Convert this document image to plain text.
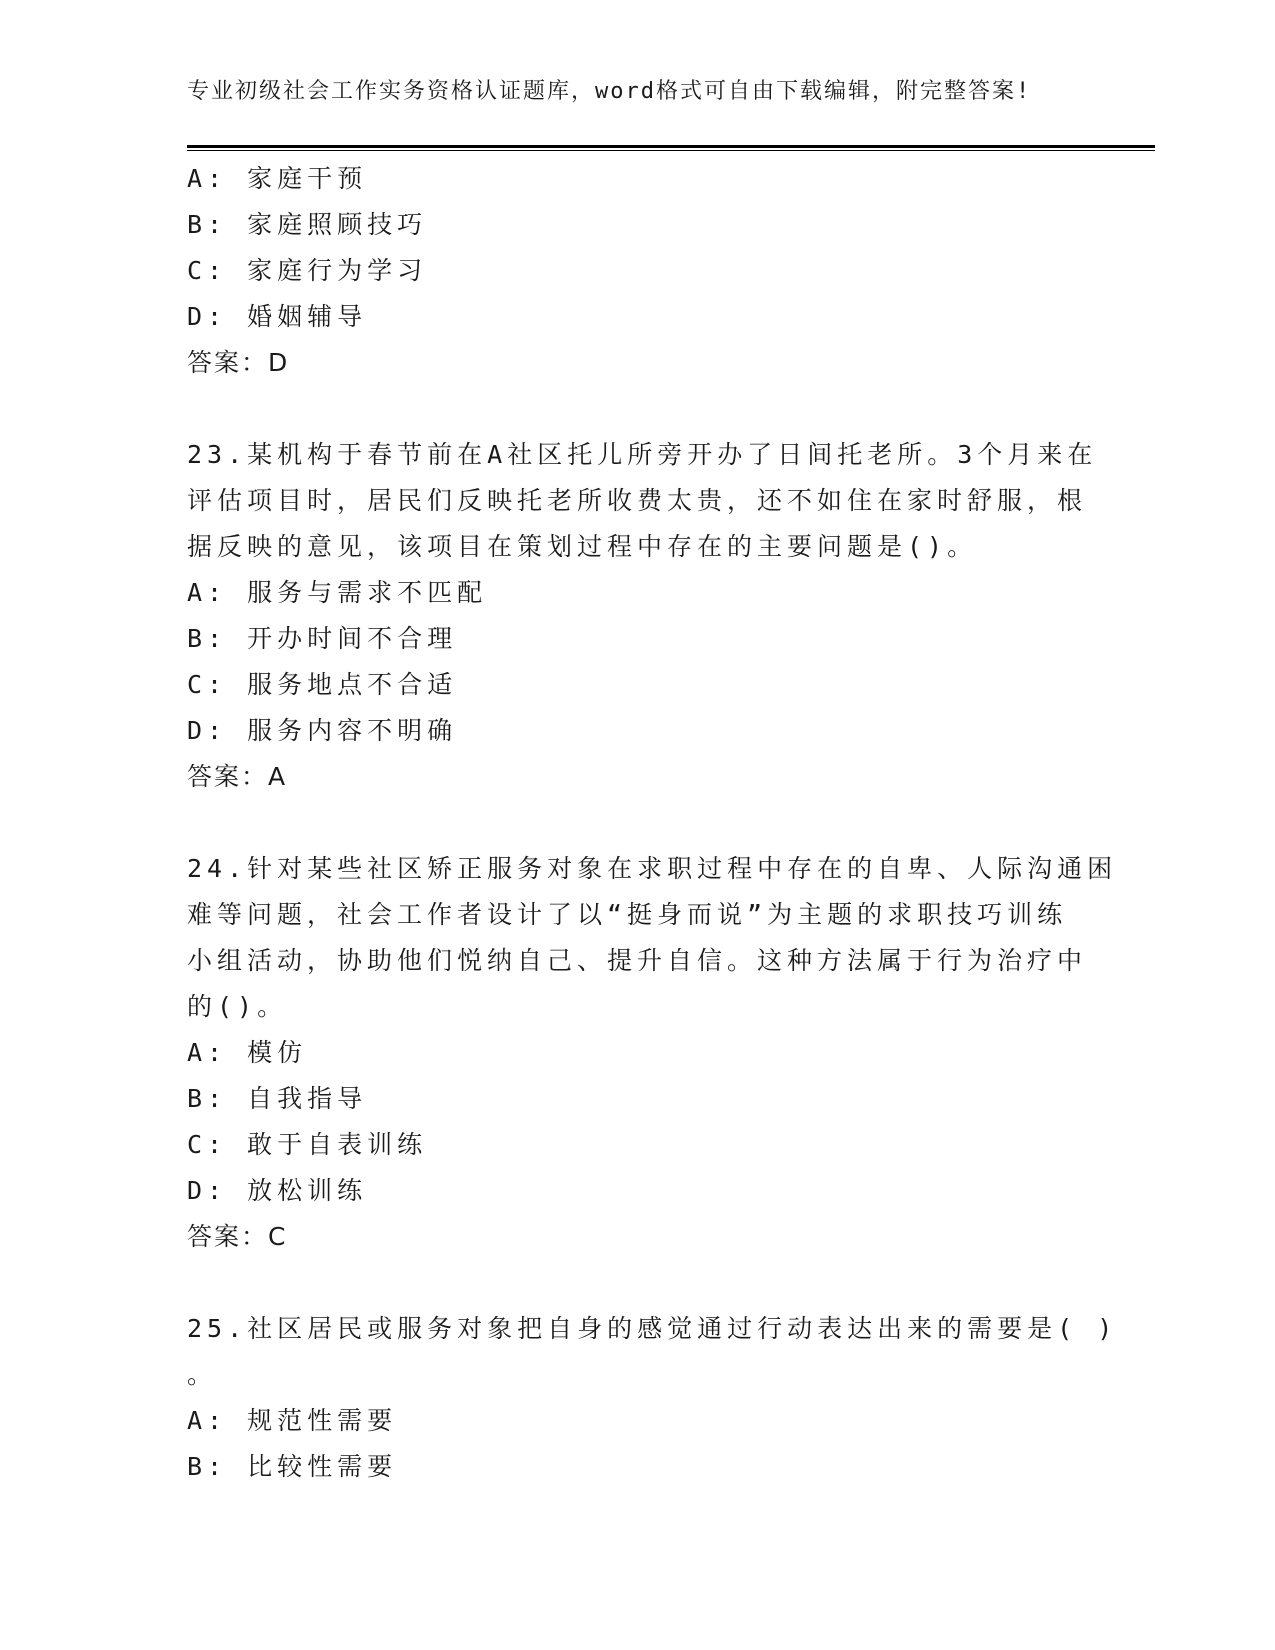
专业初级社会工作实务资格认证题库，word格式可自由下载编辑，附完整答案!
A: 家庭干预
B: 家庭照顾技巧
C: 家庭行为学习
D: 婚姻辅导
答案：D
23.某机构于春节前在A社区托儿所旁开办了日间托老所。3个月来在
评估项目时，居民们反映托老所收费太贵，还不如住在家时舒服，根
据反映的意见，该项目在策划过程中存在的主要问题是()。
A: 服务与需求不匹配
B: 开办时间不合理
C: 服务地点不合适
D: 服务内容不明确
答案：A
24.针对某些社区矫正服务对象在求职过程中存在的自卑、人际沟通困
难等问题，社会工作者设计了以“挺身而说”为主题的求职技巧训练
小组活动，协助他们悦纳自己、提升自信。这种方法属于行为治疗中
的()。
A: 模仿
B: 自我指导
C: 敢于自表训练
D: 放松训练
答案：C
25.社区居民或服务对象把自身的感觉通过行动表达出来的需要是( )
。
A: 规范性需要
B: 比较性需要
